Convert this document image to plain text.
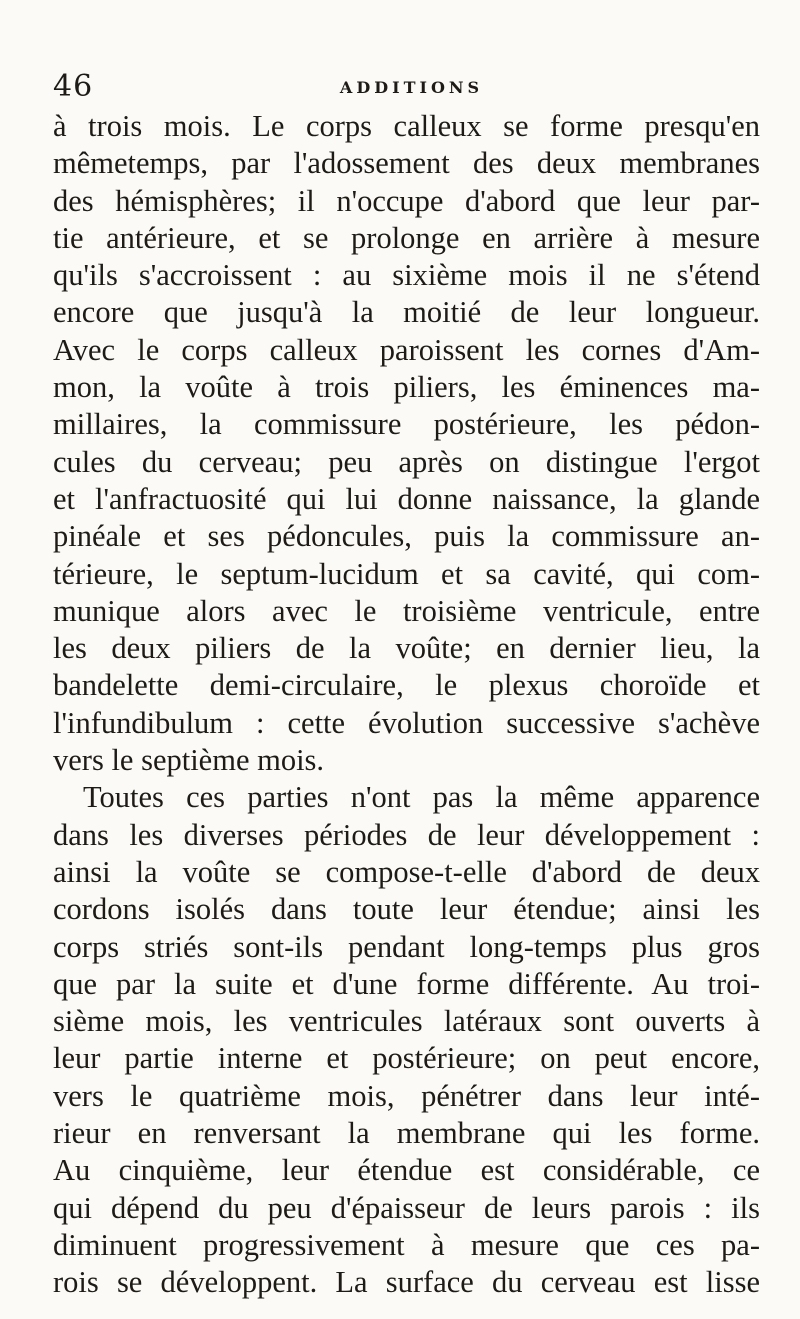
46	ADDITIONS
à trois mois. Le corps calleux se forme presqu'en
mêmetemps, par l'adossement des deux membranes
des hémisphères; il n'occupe d'abord que leur par-
tie antérieure, et se prolonge en arrière à mesure
qu'ils s'accroissent : au sixième mois il ne s'étend
encore que jusqu'à la moitié de leur longueur.
Avec le corps calleux paroissent les cornes d'Am-
mon, la voûte à trois piliers, les éminences ma-
millaires, la commissure postérieure, les pédon-
cules du cerveau; peu après on distingue l'ergot
et l'anfractuosité qui lui donne naissance, la glande
pinéale et ses pédoncules, puis la commissure an-
térieure, le septum-lucidum et sa cavité, qui com-
munique alors avec le troisième ventricule, entre
les deux piliers de la voûte; en dernier lieu, la
bandelette demi-circulaire, le plexus choroïde et
l'infundibulum : cette évolution successive s'achève
vers le septième mois.
Toutes ces parties n'ont pas la même apparence
dans les diverses périodes de leur développement :
ainsi la voûte se compose-t-elle d'abord de deux
cordons isolés dans toute leur étendue; ainsi les
corps striés sont-ils pendant long-temps plus gros
que par la suite et d'une forme différente. Au troi-
sième mois, les ventricules latéraux sont ouverts à
leur partie interne et postérieure; on peut encore,
vers le quatrième mois, pénétrer dans leur inté-
rieur en renversant la membrane qui les forme.
Au cinquième, leur étendue est considérable, ce
qui dépend du peu d'épaisseur de leurs parois : ils
diminuent progressivement à mesure que ces pa-
rois se développent. La surface du cerveau est lisse
